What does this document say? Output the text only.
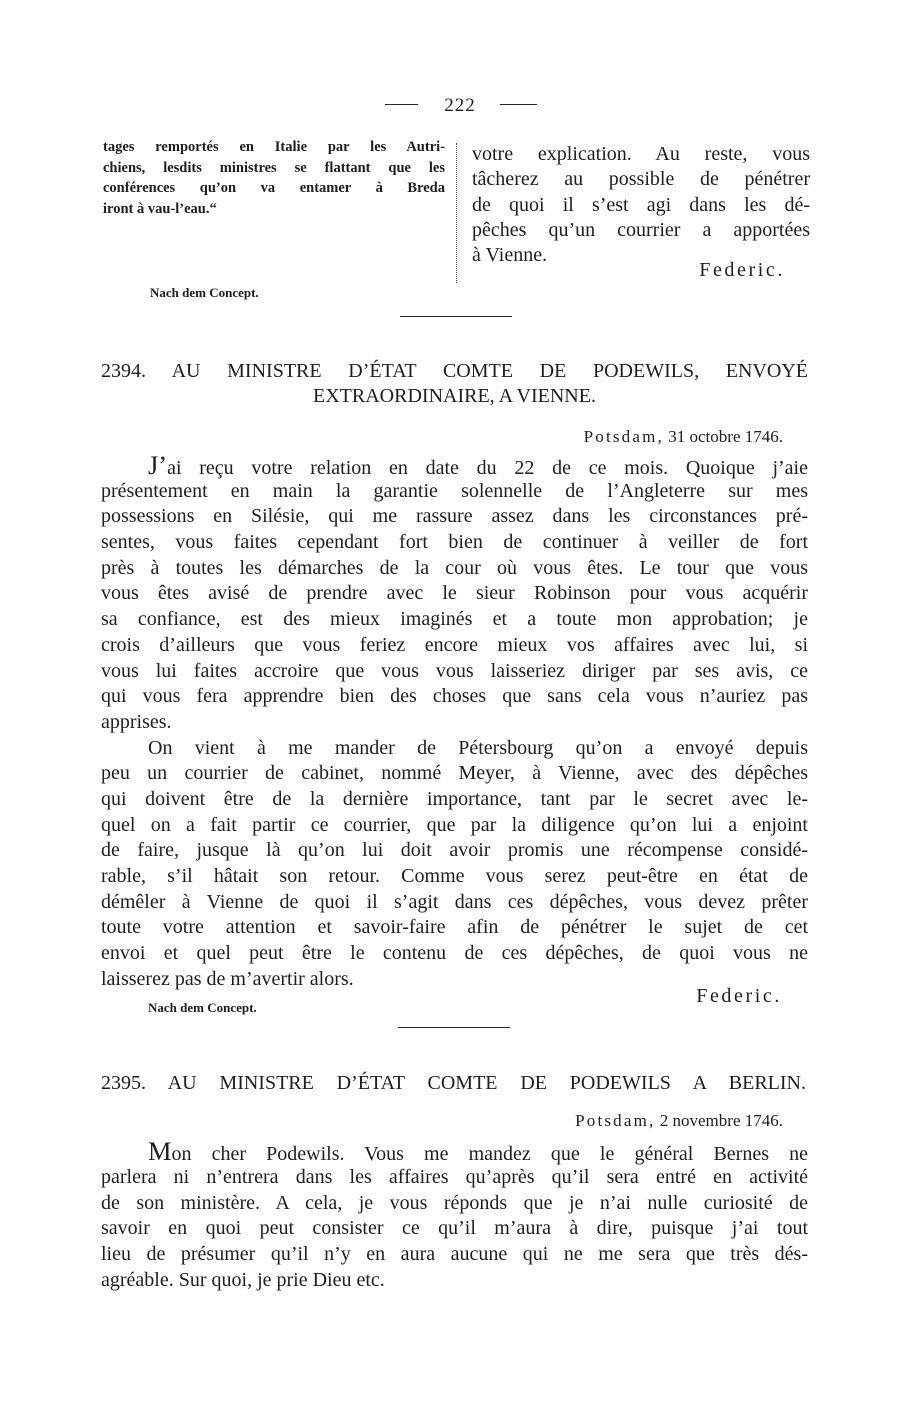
222
tages remportés en Italie par les Autri-
chiens, lesdits ministres se flattant que les
conférences qu’on va entamer à Breda
iront à vau-l’eau.“
votre explication. Au reste, vous
tâcherez au possible de pénétrer
de quoi il s’est agi dans les dé-
pêches qu’un courrier a apportées
à Vienne.
Federic.
Nach dem Concept.
2394. AU MINISTRE D’ÉTAT COMTE DE PODEWILS, ENVOYÉ
EXTRAORDINAIRE, A VIENNE.
Potsdam, 31 octobre 1746.
J’ai reçu votre relation en date du 22 de ce mois. Quoique j’aie
présentement en main la garantie solennelle de l’Angleterre sur mes
possessions en Silésie, qui me rassure assez dans les circonstances pré-
sentes, vous faites cependant fort bien de continuer à veiller de fort
près à toutes les démarches de la cour où vous êtes. Le tour que vous
vous êtes avisé de prendre avec le sieur Robinson pour vous acquérir
sa confiance, est des mieux imaginés et a toute mon approbation; je
crois d’ailleurs que vous feriez encore mieux vos affaires avec lui, si
vous lui faites accroire que vous vous laisseriez diriger par ses avis, ce
qui vous fera apprendre bien des choses que sans cela vous n’auriez pas
apprises.
On vient à me mander de Pétersbourg qu’on a envoyé depuis
peu un courrier de cabinet, nommé Meyer, à Vienne, avec des dépêches
qui doivent être de la dernière importance, tant par le secret avec le-
quel on a fait partir ce courrier, que par la diligence qu’on lui a enjoint
de faire, jusque là qu’on lui doit avoir promis une récompense considé-
rable, s’il hâtait son retour. Comme vous serez peut-être en état de
démêler à Vienne de quoi il s’agit dans ces dépêches, vous devez prêter
toute votre attention et savoir-faire afin de pénétrer le sujet de cet
envoi et quel peut être le contenu de ces dépêches, de quoi vous ne
laisserez pas de m’avertir alors.
Federic.
Nach dem Concept.
2395. AU MINISTRE D’ÉTAT COMTE DE PODEWILS A BERLIN.
Potsdam, 2 novembre 1746.
Mon cher Podewils. Vous me mandez que le général Bernes ne
parlera ni n’entrera dans les affaires qu’après qu’il sera entré en activité
de son ministère. A cela, je vous réponds que je n’ai nulle curiosité de
savoir en quoi peut consister ce qu’il m’aura à dire, puisque j’ai tout
lieu de présumer qu’il n’y en aura aucune qui ne me sera que très dés-
agréable. Sur quoi, je prie Dieu etc.
